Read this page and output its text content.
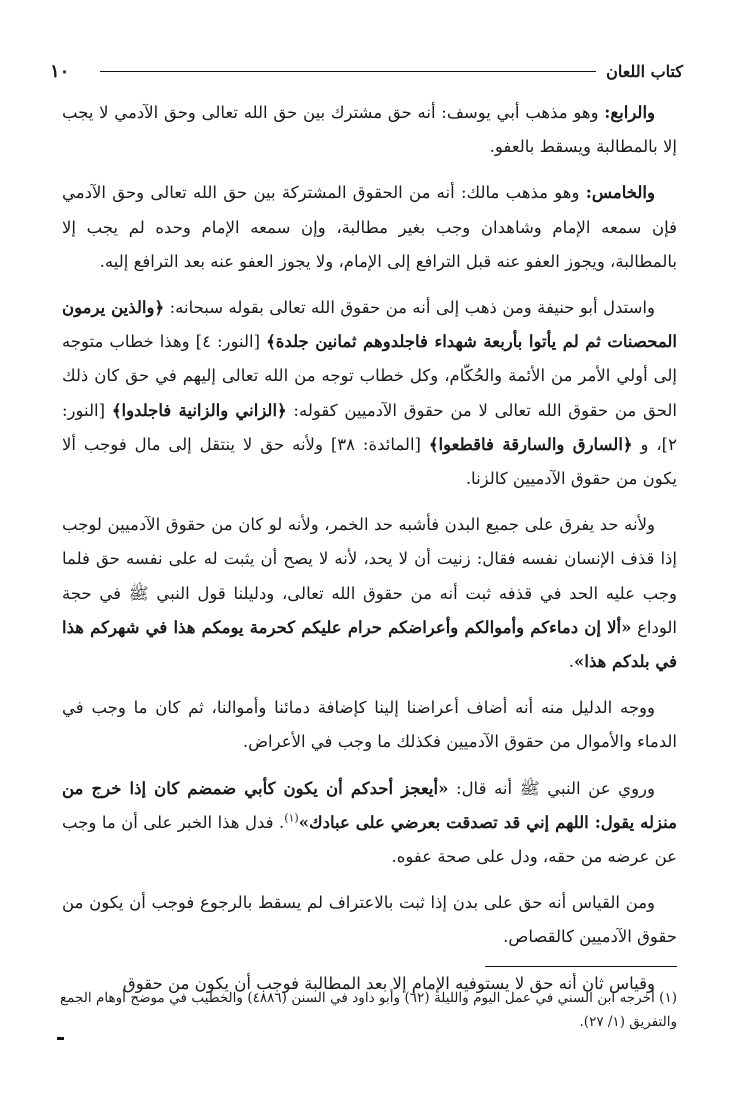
١٠	كتاب اللعان

والرابع: وهو مذهب أبي يوسف: أنه حق مشترك بين حق الله تعالى وحق الآدمي لا يجب إلا بالمطالبة ويسقط بالعفو.

والخامس: وهو مذهب مالك: أنه من الحقوق المشتركة بين حق الله تعالى وحق الآدمي فإن سمعه الإمام وشاهدان وجب بغير مطالبة، وإن سمعه الإمام وحده لم يجب إلا بالمطالبة، ويجوز العفو عنه قبل الترافع إلى الإمام، ولا يجوز العفو عنه بعد الترافع إليه.

واستدل أبو حنيفة ومن ذهب إلى أنه من حقوق الله تعالى بقوله سبحانه: ﴿والذين يرمون المحصنات ثم لم يأتوا بأربعة شهداء فاجلدوهم ثمانين جلدة﴾ [النور: ٤] وهذا خطاب متوجه إلى أولي الأمر من الأئمة والحُكّام، وكل خطاب توجه من الله تعالى إليهم في حق كان ذلك الحق من حقوق الله تعالى لا من حقوق الآدميين كقوله: ﴿الزاني والزانية فاجلدوا﴾ [النور: ٢]، و ﴿السارق والسارقة فاقطعوا﴾ [المائدة: ٣٨] ولأنه حق لا ينتقل إلى مال فوجب ألا يكون من حقوق الآدميين كالزنا.

ولأنه حد يفرق على جميع البدن فأشبه حد الخمر، ولأنه لو كان من حقوق الآدميين لوجب إذا قذف الإنسان نفسه فقال: زنيت أن لا يحد، لأنه لا يصح أن يثبت له على نفسه حق فلما وجب عليه الحد في قذفه ثبت أنه من حقوق الله تعالى، ودليلنا قول النبي ﷺ في حجة الوداع «ألا إن دماءكم وأموالكم وأعراضكم حرام عليكم كحرمة يومكم هذا في شهركم هذا في بلدكم هذا».

ووجه الدليل منه أنه أضاف أعراضنا إلينا كإضافة دمائنا وأموالنا، ثم كان ما وجب في الدماء والأموال من حقوق الآدميين فكذلك ما وجب في الأعراض.

وروي عن النبي ﷺ أنه قال: «أيعجز أحدكم أن يكون كأبي ضمضم كان إذا خرج من منزله يقول: اللهم إني قد تصدقت بعرضي على عبادك»$^{(١)}$. فدل هذا الخبر على أن ما وجب عن عرضه من حقه، ودل على صحة عفوه.

ومن القياس أنه حق على بدن إذا ثبت بالاعتراف لم يسقط بالرجوع فوجب أن يكون من حقوق الآدميين كالقصاص.

وقياس ثان أنه حق لا يستوفيه الإمام إلا بعد المطالبة فوجب أن يكون من حقوق

(١) أخرجه ابن السني في عمل اليوم والليلة (٦٢) وأبو داود في السنن (٤٨٨٦) والخطيب في موضح أوهام الجمع والتفريق (١/ ٢٧).
